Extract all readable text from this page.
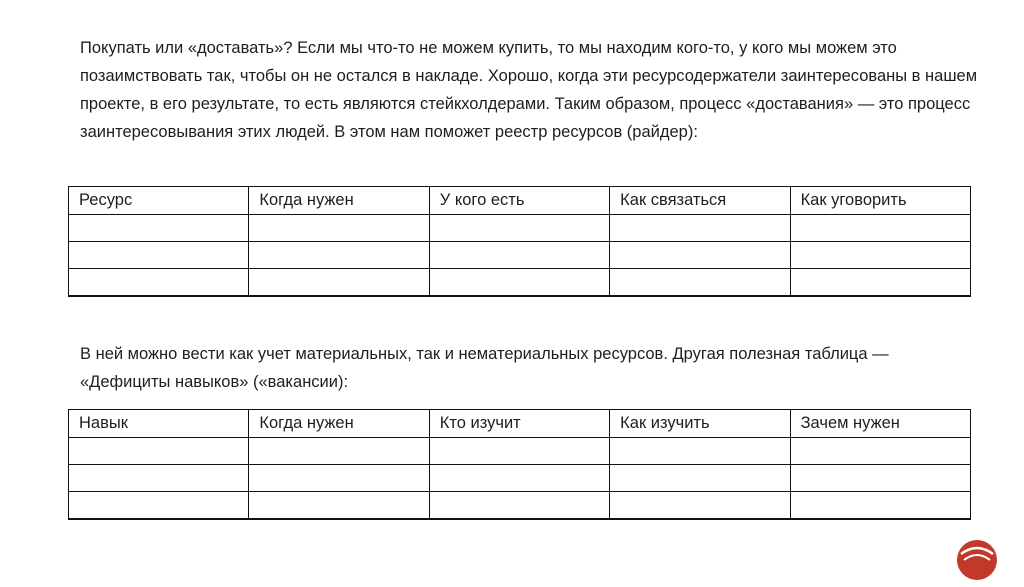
Покупать или «доставать»? Если мы что-то не можем купить, то мы находим кого-то, у кого мы можем это позаимствовать так, чтобы он не остался в накладе. Хорошо, когда эти ресурсодержатели заинтересованы в нашем проекте, в его результате, то есть являются стейкхолдерами. Таким образом, процесс «доставания» — это процесс заинтересовывания этих людей. В этом нам поможет реестр ресурсов (райдер):

Ресурс	Когда нужен	У кого есть	Как связаться	Как уговорить

В ней можно вести как учет материальных, так и нематериальных ресурсов. Другая полезная таблица — «Дефициты навыков» («вакансии):

Навык	Когда нужен	Кто изучит	Как изучить	Зачем нужен
